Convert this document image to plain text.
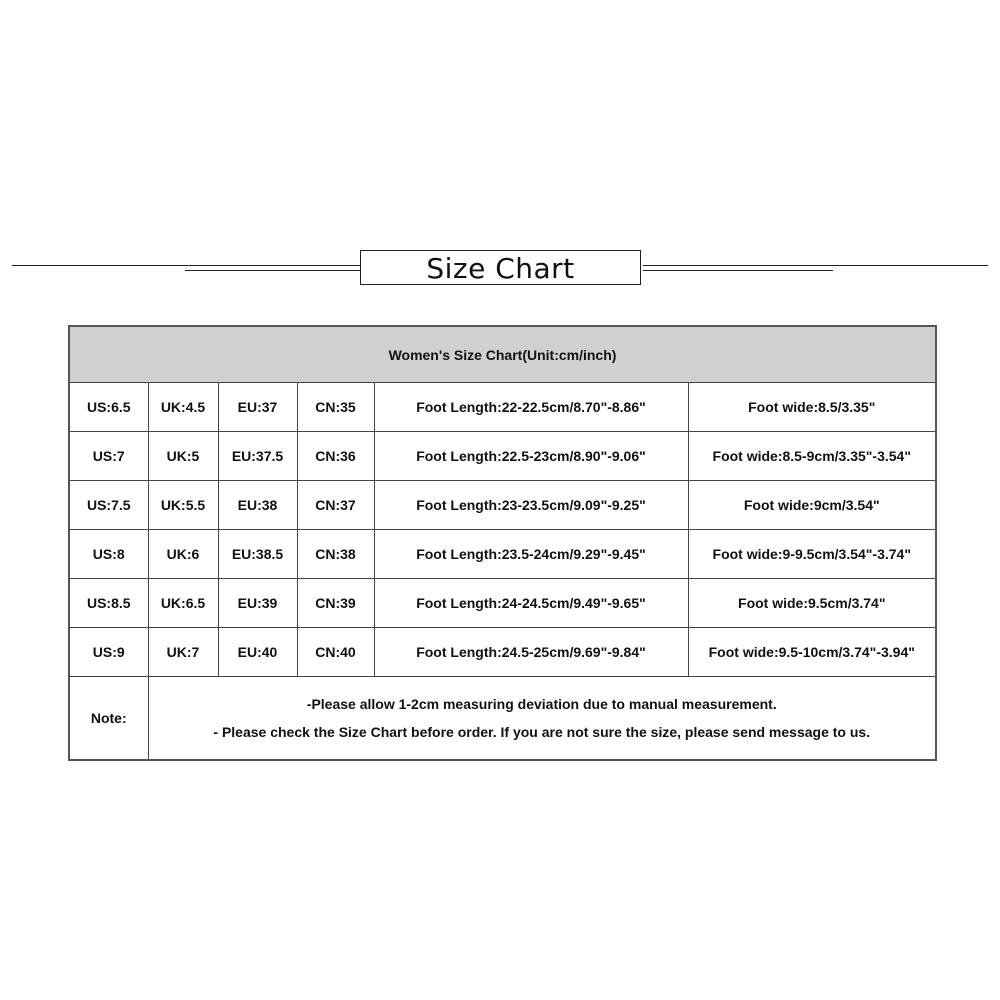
Size Chart
Women's Size Chart(Unit:cm/inch)					
US:6.5	UK:4.5	EU:37	CN:35	Foot Length:22-22.5cm/8.70"-8.86"	Foot wide:8.5/3.35"
US:7	UK:5	EU:37.5	CN:36	Foot Length:22.5-23cm/8.90"-9.06"	Foot wide:8.5-9cm/3.35"-3.54"
US:7.5	UK:5.5	EU:38	CN:37	Foot Length:23-23.5cm/9.09"-9.25"	Foot wide:9cm/3.54"
US:8	UK:6	EU:38.5	CN:38	Foot Length:23.5-24cm/9.29"-9.45"	Foot wide:9-9.5cm/3.54"-3.74"
US:8.5	UK:6.5	EU:39	CN:39	Foot Length:24-24.5cm/9.49"-9.65"	Foot wide:9.5cm/3.74"
US:9	UK:7	EU:40	CN:40	Foot Length:24.5-25cm/9.69"-9.84"	Foot wide:9.5-10cm/3.74"-3.94"
Note:	-Please allow 1-2cm measuring deviation due to manual measurement.
- Please check the Size Chart before order. If you are not sure the size, please send message to us.				
